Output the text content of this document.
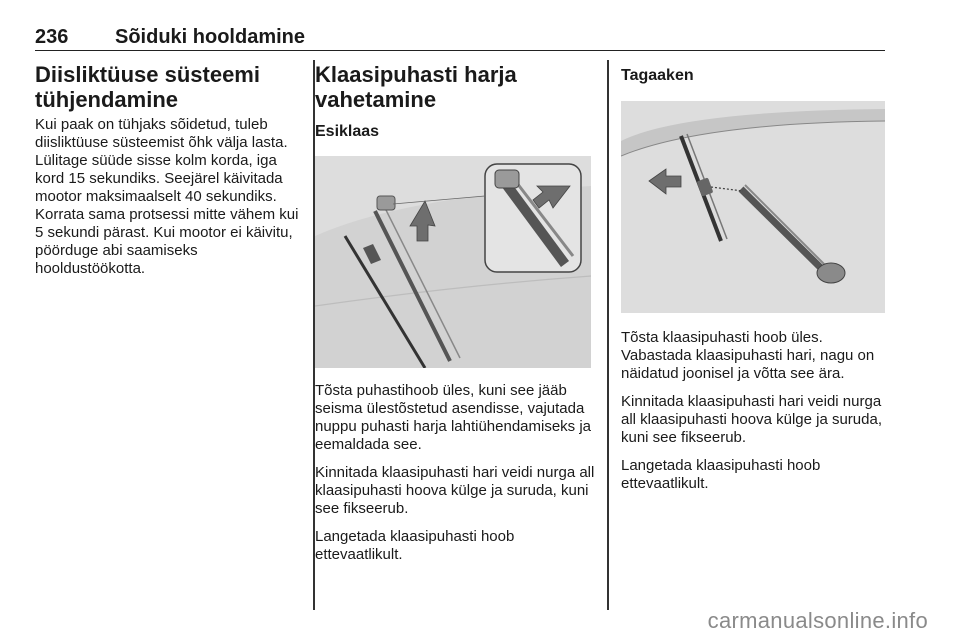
236 Sõiduki hooldamine
Diisliktüuse süsteemi tühjendamine

Kui paak on tühjaks sõidetud, tuleb diisliktüuse süsteemist õhk välja lasta. Lülitage süüde sisse kolm korda, iga kord 15 sekundiks. Seejärel käivitada mootor maksimaalselt 40 sekundiks. Korrata sama protsessi mitte vähem kui 5 sekundi pärast. Kui mootor ei käivitu, pöörduge abi saamiseks hooldustöökotta.

Klaasipuhasti harja vahetamine
Esiklaas

Tõsta puhastihoob üles, kuni see jääb seisma ülestõstetud asendisse, vajutada nuppu puhasti harja lahtiühendamiseks ja eemaldada see.

Kinnitada klaasipuhasti hari veidi nurga all klaasipuhasti hoova külge ja suruda, kuni see fikseerub.

Langetada klaasipuhasti hoob ettevaatlikult.

Tagaaken

Tõsta klaasipuhasti hoob üles. Vabastada klaasipuhasti hari, nagu on näidatud joonisel ja võtta see ära.

Kinnitada klaasipuhasti hari veidi nurga all klaasipuhasti hoova külge ja suruda, kuni see fikseerub.

Langetada klaasipuhasti hoob ettevaatlikult.

carmanualsonline.info
